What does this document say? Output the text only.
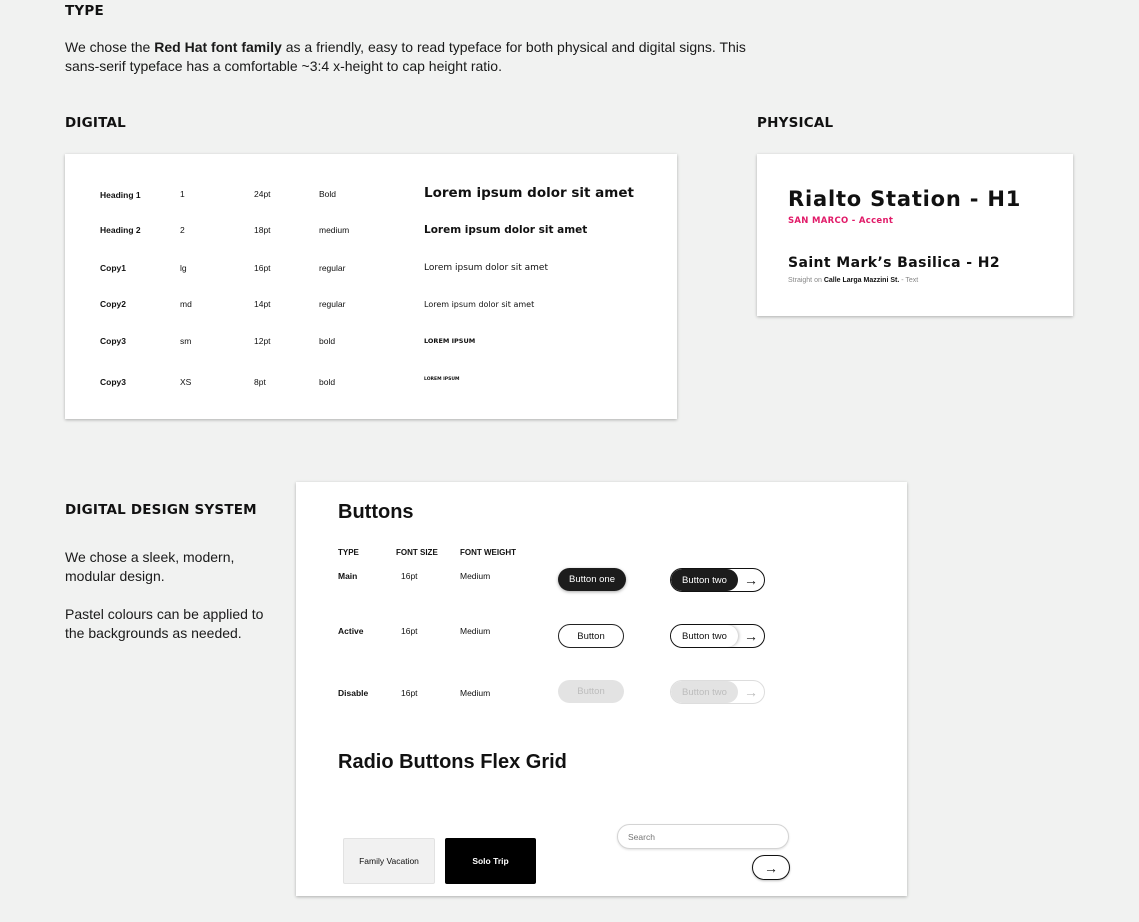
TYPE
We chose the Red Hat font family as a friendly, easy to read typeface for both physical and digital signs. This
sans-serif typeface has a comfortable ~3:4 x-height to cap height ratio.
DIGITAL
Heading 1	1	24pt	Bold	Lorem ipsum dolor sit amet
Heading 2	2	18pt	medium	Lorem ipsum dolor sit amet
Copy1	lg	16pt	regular	Lorem ipsum dolor sit amet
Copy2	md	14pt	regular	Lorem ipsum dolor sit amet
Copy3	sm	12pt	bold	LOREM IPSUM
Copy3	XS	8pt	bold	LOREM IPSUM
PHYSICAL
Rialto Station - H1
SAN MARCO - Accent
Saint Mark’s Basilica - H2
Straight on Calle Larga Mazzini St. - Text
DIGITAL DESIGN SYSTEM
We chose a sleek, modern,
modular design.

Pastel colours can be applied to
the backgrounds as needed.
Buttons
TYPE	FONT SIZE	FONT WEIGHT
Main	16pt	Medium	Button one	Button two	→
Active	16pt	Medium	Button	Button two	→
Disable	16pt	Medium	Button	Button two	→
Radio Buttons Flex Grid
Family Vacation	Solo Trip
Search	→
